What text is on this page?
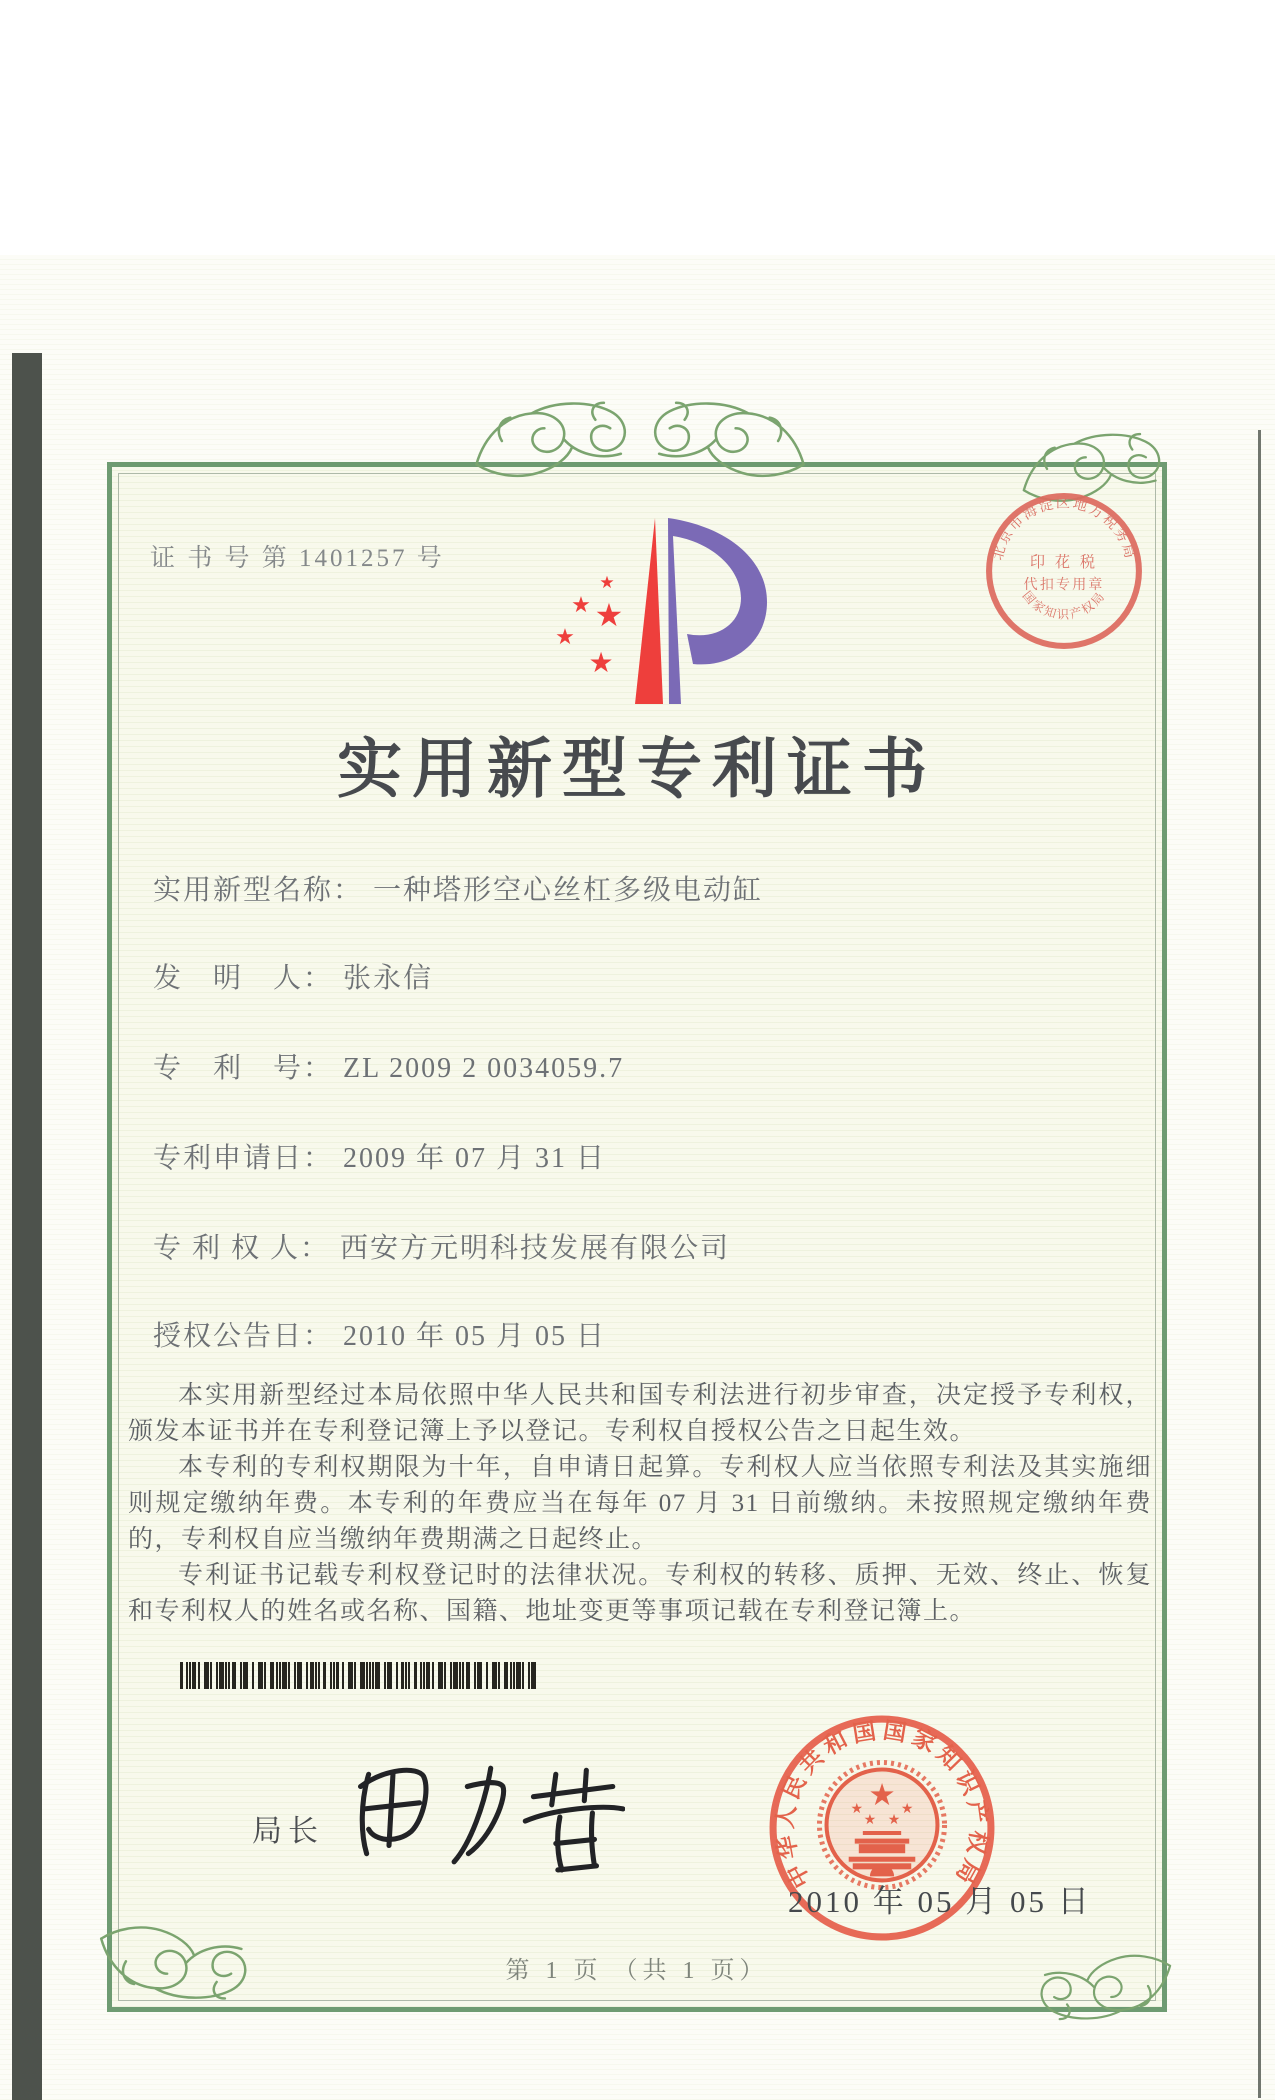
证 书 号 第 1401257 号
★
★ ★
★
★
北京市海淀区地方税务局
国家知识产权局
印 花 税
代扣专用章
实用新型专利证书
实用新型名称： 一种塔形空心丝杠多级电动缸
发　明　人： 张永信
专　利　号： ZL 2009 2 0034059.7
专利申请日： 2009 年 07 月 31 日
专 利 权 人： 西安方元明科技发展有限公司
授权公告日： 2010 年 05 月 05 日

本实用新型经过本局依照中华人民共和国专利法进行初步审查，决定授予专利权，颁发本证书并在专利登记簿上予以登记。专利权自授权公告之日起生效。

本专利的专利权期限为十年，自申请日起算。专利权人应当依照专利法及其实施细则规定缴纳年费。本专利的年费应当在每年 07 月 31 日前缴纳。未按照规定缴纳年费的，专利权自应当缴纳年费期满之日起终止。

专利证书记载专利权登记时的法律状况。专利权的转移、质押、无效、终止、恢复和专利权人的姓名或名称、国籍、地址变更等事项记载在专利登记簿上。

局长
中华人民共和国国家知识产权局
★
★
★ ★
★
2010 年 05 月 05 日
第 1 页 （共 1 页）
